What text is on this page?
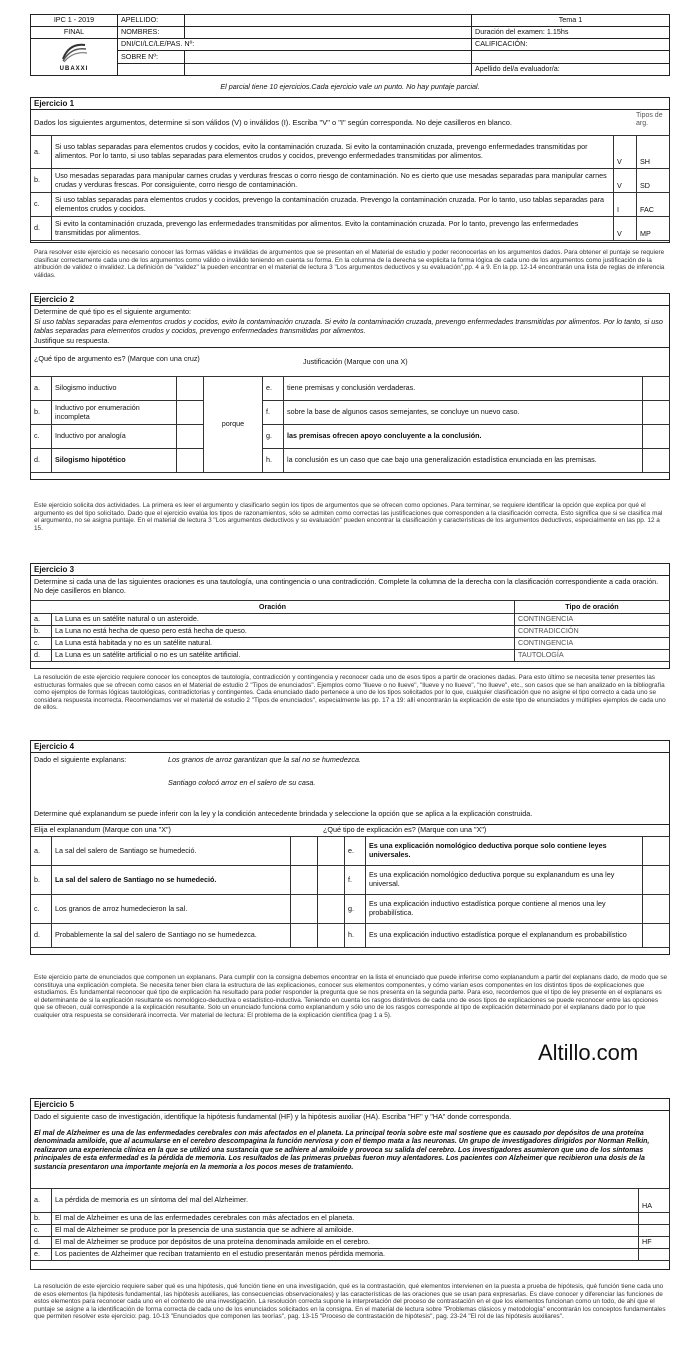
IPC 1 - 2019	APELLIDO:		Tema 1
FINAL	NOMBRES:		Duración del examen: 1.15hs

UBAXXI	DNI/CI/LC/LE/PAS. Nº:		CALIFICACIÓN:
	SOBRE Nº:		
			Apellido del/a evaluador/a:
El parcial tiene 10 ejercicios.Cada ejercicio vale un punto. No hay puntaje parcial.
Ejercicio 1
Dados los siguientes argumentos, determine si son válidos (V) o inválidos (I). Escriba "V" o "I" según corresponda. No deje casilleros en blanco.
Tipos de arg.
a.	Si uso tablas separadas para elementos crudos y cocidos, evito la contaminación cruzada. Si evito la contaminación cruzada, prevengo enfermedades transmitidas por alimentos. Por lo tanto, si uso tablas separadas para elementos crudos y cocidos, prevengo enfermedades transmitidas por alimentos.	V	SH
b.	Uso mesadas separadas para manipular carnes crudas y verduras frescas o corro riesgo de contaminación. No es cierto que use mesadas separadas para manipular carnes crudas y verduras frescas. Por consiguiente, corro riesgo de contaminación.	V	SD
c.	Si uso tablas separadas para elementos crudos y cocidos, prevengo la contaminación cruzada. Prevengo la contaminación cruzada. Por lo tanto, uso tablas separadas para elementos crudos y cocidos.	I	FAC
d.	Si evito la contaminación cruzada, prevengo las enfermedades transmitidas por alimentos. Evito la contaminación cruzada. Por lo tanto, prevengo las enfermedades transmitidas por alimentos.	V	MP
Para resolver este ejercicio es necesario conocer las formas válidas e inválidas de argumentos que se presentan en el Material de estudio y poder reconocerlas en los argumentos dados. Para obtener el puntaje se requiere clasificar correctamente cada uno de los argumentos como válido o inválido teniendo en cuenta su forma. En la columna de la derecha se explicita la forma lógica de cada uno de los argumentos como justificación de la atribución de validez o invalidez. La definición de "validez" la pueden encontrar en el material de lectura 3 "Los argumentos deductivos y su evaluación",pp. 4 a 9. En la pp. 12-14 encontrarán una lista de reglas de inferencia válidas.
Ejercicio 2
Determine de qué tipo es el siguiente argumento:
Si uso tablas separadas para elementos crudos y cocidos, evito la contaminación cruzada. Si evito la contaminación cruzada, prevengo enfermedades transmitidas por alimentos. Por lo tanto, si uso tablas separadas para elementos crudos y cocidos, prevengo enfermedades transmitidas por alimentos.
Justifique su respuesta.
¿Qué tipo de argumento es? (Marque con una cruz)	Justificación (Marque con una X)
a.	Silogismo inductivo		porque	e.	tiene premisas y conclusión verdaderas.	
b.	Inductivo por enumeración incompleta			f.	sobre la base de algunos casos semejantes, se concluye un nuevo caso.	
c.	Inductivo por analogía			g.	las premisas ofrecen apoyo concluyente a la conclusión.	
d.	Silogismo hipotético			h.	la conclusión es un caso que cae bajo una generalización estadística enunciada en las premisas.	
Este ejercicio solicita dos actividades. La primera es leer el argumento y clasificarlo según los tipos de argumentos que se ofrecen como opciones. Para terminar, se requiere identificar la opción que explica por qué el argumento es del tipo solicitado. Dado que el ejercicio evalúa los tipos de razonamientos, sólo se admiten como correctas las justificaciones que corresponden a la clasificación correcta. Esto significa que si se clasifica mal el argumento, no se asigna puntaje. En el material de lectura 3 "Los argumentos deductivos y su evaluación" pueden encontrar la clasificación y características de los argumentos deductivos, especialmente en las pp. 12 a 15.
Ejercicio 3
Determine si cada una de las siguientes oraciones es una tautología, una contingencia o una contradicción. Complete la columna de la derecha con la clasificación correspondiente a cada oración. No deje casilleros en blanco.
Oración		Tipo de oración
a.	La Luna es un satélite natural o un asteroide.	CONTINGENCIA
b.	La Luna no está hecha de queso pero está hecha de queso.	CONTRADICCIÓN
c.	La Luna está habitada y no es un satélite natural.	CONTINGENCIA
d.	La Luna es un satélite artificial o no es un satélite artificial.	TAUTOLOGÍA
La resolución de este ejercicio requiere conocer los conceptos de tautología, contradicción y contingencia y reconocer cada uno de esos tipos a partir de oraciones dadas. Para esto último se necesita tener presentes las estructuras formales que se ofrecen como casos en el Material de estudio 2 "Tipos de enunciados". Ejemplos como "llueve o no llueve", "llueve y no llueve", "no llueve", etc., son casos que se han analizado en la bibliografía como ejemplos de formas lógicas tautológicas, contradictorias y contingentes. Cada enunciado dado pertenece a uno de los tipos solicitados por lo que, cualquier clasificación que no asigne el tipo correcto a cada uno se considera respuesta incorrecta. Recomendamos ver el material de estudio 2 "Tipos de enunciados", especialmente las pp. 17 a 19: allí encontrarán la explicación de este tipo de enunciados y múltiples ejemplos de cada uno de ellos.
Ejercicio 4
Dado el siguiente explanans:	Los granos de arroz garantizan que la sal no se humedezca.
Santiago colocó arroz en el salero de su casa.
Determine qué explanandum se puede inferir con la ley y la condición antecedente brindada y seleccione la opción que se aplica a la explicación construida.
Elija el explanandum (Marque con una "X")	¿Qué tipo de explicación es? (Marque con una "X")
a.	La sal del salero de Santiago se humedeció.			e.	Es una explicación nomológico deductiva porque solo contiene leyes universales.	
b.	La sal del salero de Santiago no se humedeció.			f.	Es una explicación nomológico deductiva porque su explanandum es una ley universal.	
c.	Los granos de arroz humedecieron la sal.			g.	Es una explicación inductivo estadística porque contiene al menos una ley probabilística.	
d.	Probablemente la sal del salero de Santiago no se humedezca.			h.	Es una explicación inductivo estadística porque el explanandum es probabilístico	
Este ejercicio parte de enunciados que componen un explanans. Para cumplir con la consigna debemos encontrar en la lista el enunciado que puede inferirse como explanandum a partir del explanans dado, de modo que se constituya una explicación completa. Se necesita tener bien clara la estructura de las explicaciones, conocer sus elementos componentes, y cómo varían esos componentes en los distintos tipos de explicaciones que estudiamos. Es fundamental reconocer qué tipo de explicación ha resultado para poder responder la pregunta que se nos presenta en la segunda parte. Para eso, recordemos que el tipo de ley presente en el explanans es el determinante de si la explicación resultante es nomológico-deductiva o estadístico-inductiva. Teniendo en cuenta los rasgos distintivos de cada uno de esos tipos de explicaciones se puede reconocer entre las opciones que se ofrecen, cuál corresponde a la explicación resultante. Solo un enunciado funciona como explanandum y sólo uno de los rasgos corresponde al tipo de explicación determinado por el explanans dado por lo que cualquier otra respuesta se considerará incorrecta. Ver material de lectura: El problema de la explicación científica (pag 1 a 5).
Altillo.com
Ejercicio 5
Dado el siguiente caso de investigación, identifique la hipótesis fundamental (HF) y la hipótesis auxiliar (HA). Escriba "HF" y "HA" donde corresponda.
El mal de Alzheimer es una de las enfermedades cerebrales con más afectados en el planeta. La principal teoría sobre este mal sostiene que es causado por depósitos de una proteína denominada amiloide, que al acumularse en el cerebro descompagina la función nerviosa y con el tiempo mata a las neuronas. Un grupo de investigadores dirigidos por Norman Relkin, realizaron una experiencia clínica en la que se utilizó una sustancia que se adhiere al amiloide y provoca su salida del cerebro. Los investigadores asumieron que uno de los síntomas principales de esta enfermedad es la pérdida de memoria. Los resultados de las primeras pruebas fueron muy alentadores. Los pacientes con Alzheimer que recibieron una dosis de la sustancia presentaron una importante mejoría en la memoria a los pocos meses de tratamiento.
a.	La pérdida de memoria es un síntoma del mal del Alzheimer.	HA
b.	El mal de Alzheimer es una de las enfermedades cerebrales con más afectados en el planeta.	
c.	El mal de Alzheimer se produce por la presencia de una sustancia que se adhiere al amiloide.	
d.	El mal de Alzheimer se produce por depósitos de una proteína denominada amiloide en el cerebro.	HF
e.	Los pacientes de Alzheimer que reciban tratamiento en el estudio presentarán menos pérdida memoria.	
La resolución de este ejercicio requiere saber qué es una hipótesis, qué función tiene en una investigación, qué es la contrastación, qué elementos intervienen en la puesta a prueba de hipótesis, qué función tiene cada uno de esos elementos (la hipótesis fundamental, las hipótesis auxiliares, las consecuencias observacionales) y las características de las oraciones que se usan para expresarlas. Es clave conocer y diferenciar las funciones de estos elementos para reconocer cada uno en el contexto de una investigación. La resolución correcta supone la interpretación del proceso de contrastación en el que los elementos funcionan como un todo, de ahí que el puntaje se asigne a la identificación de forma correcta de cada uno de los enunciados solicitados en la consigna. En el material de lectura sobre "Problemas clásicos y metodología" encontrarán los conceptos fundamentales que permiten resolver este ejercicio: pag. 10-13 "Enunciados que componen las teorías", pag. 13-15 "Proceso de contrastación de hipótesis", pag. 23-24 "El rol de las hipótesis auxiliares".
